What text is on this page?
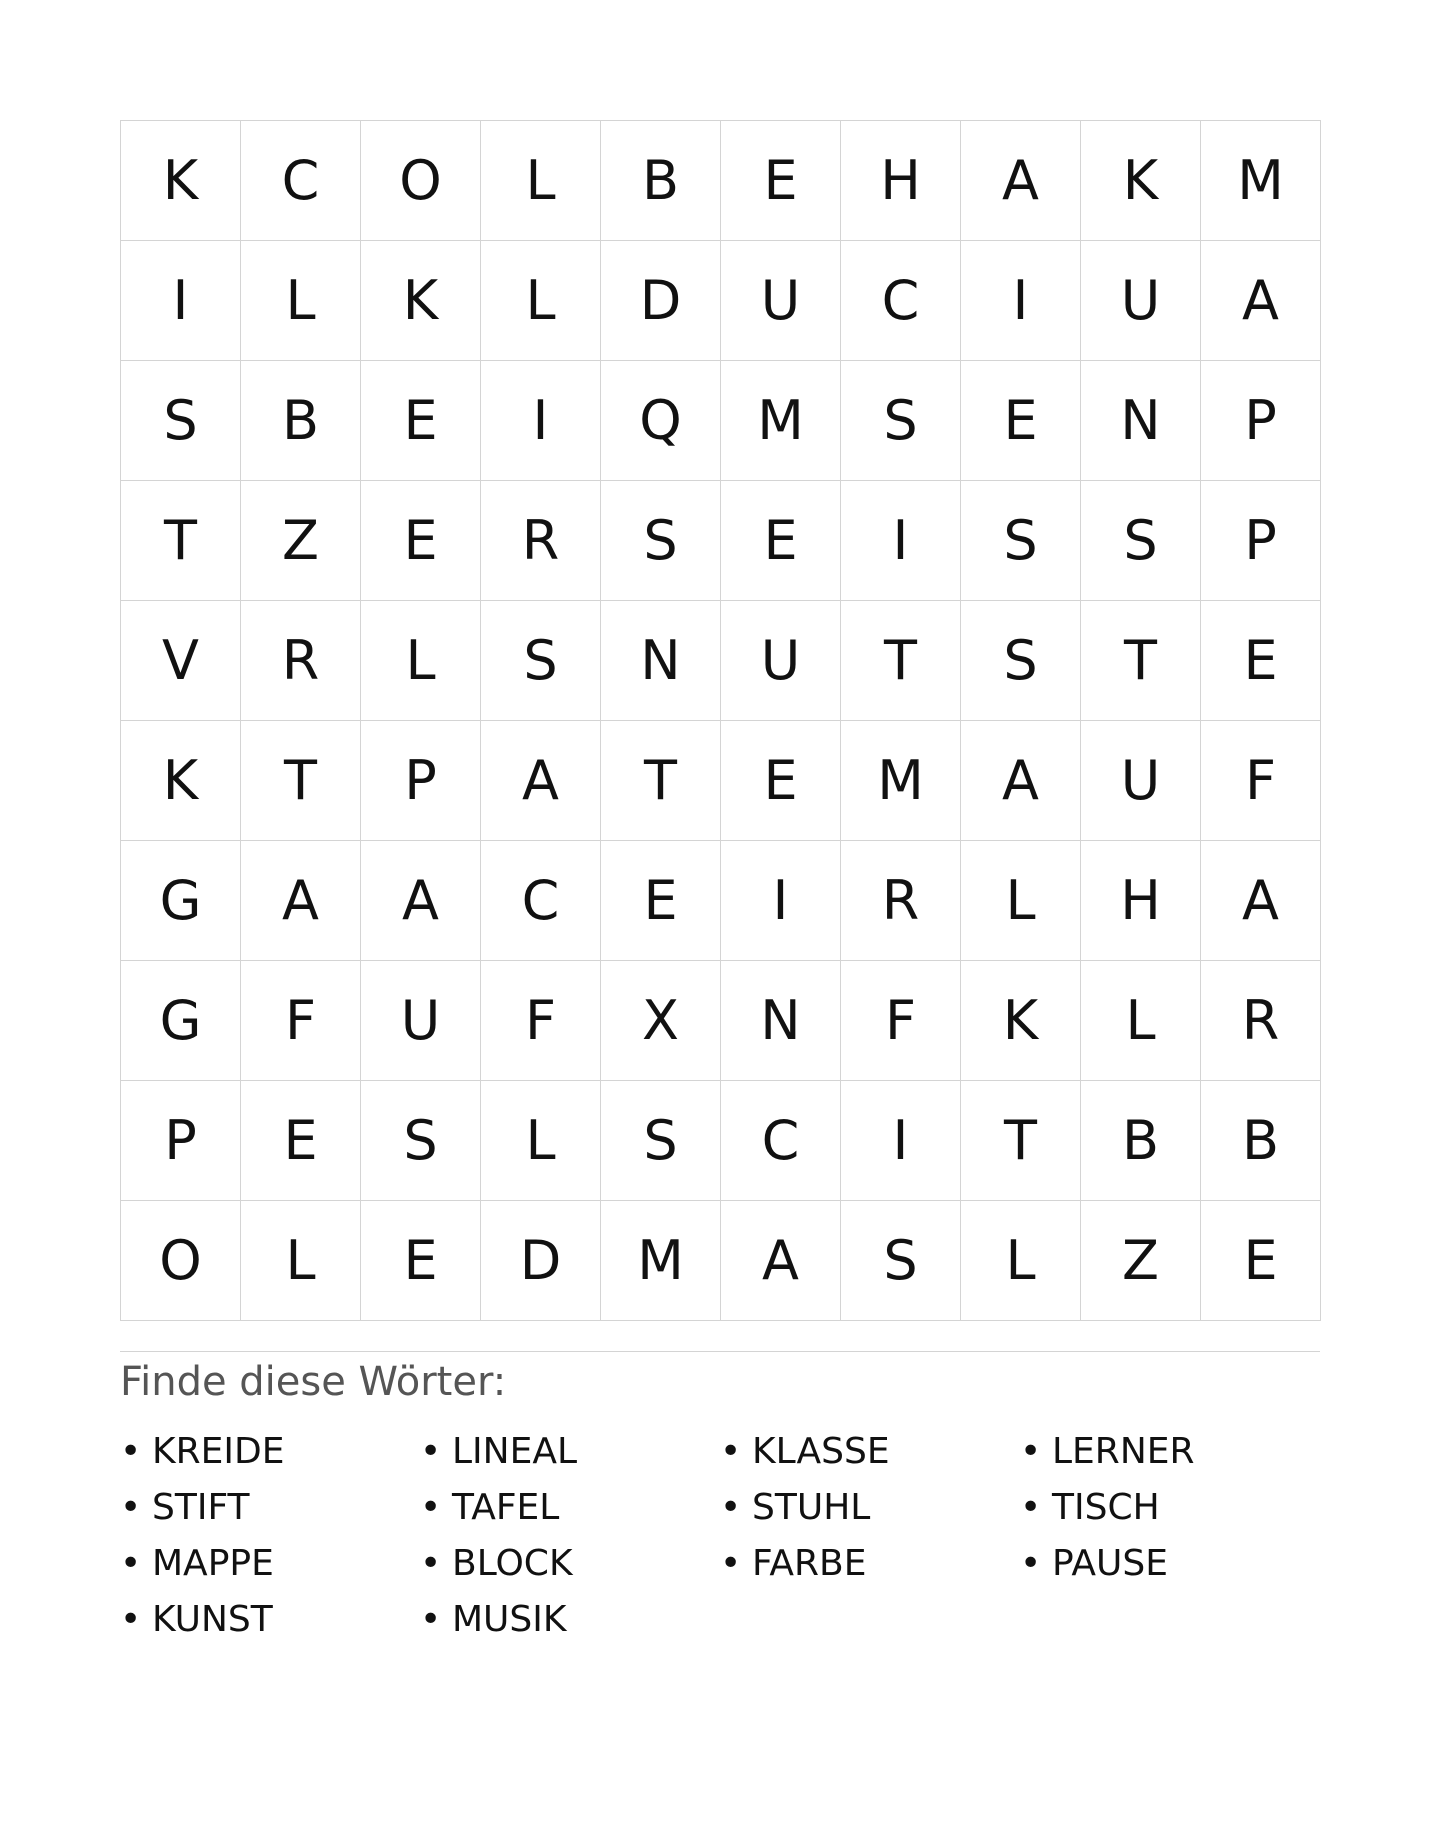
K	C	O	L	B	E	H	A	K	M
I	L	K	L	D	U	C	I	U	A
S	B	E	I	Q	M	S	E	N	P
T	Z	E	R	S	E	I	S	S	P
V	R	L	S	N	U	T	S	T	E
K	T	P	A	T	E	M	A	U	F
G	A	A	C	E	I	R	L	H	A
G	F	U	F	X	N	F	K	L	R
P	E	S	L	S	C	I	T	B	B
O	L	E	D	M	A	S	L	Z	E
Finde diese Wörter:
• KREIDE	• LINEAL	• KLASSE	• LERNER
• STIFT	• TAFEL	• STUHL	• TISCH
• MAPPE	• BLOCK	• FARBE	• PAUSE
• KUNST	• MUSIK
